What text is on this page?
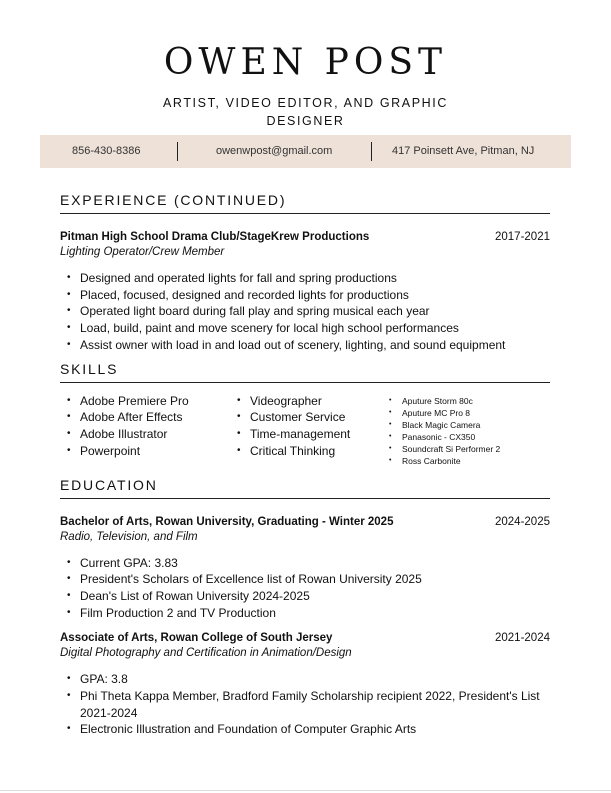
OWEN POST
ARTIST, VIDEO EDITOR, AND GRAPHIC DESIGNER
856-430-8386	owenwpost@gmail.com	417 Poinsett Ave, Pitman, NJ
EXPERIENCE (CONTINUED)
Pitman High School Drama Club/StageKrew Productions	2017-2021
Lighting Operator/Crew Member
• Designed and operated lights for fall and spring productions
• Placed, focused, designed and recorded lights for productions
• Operated light board during fall play and spring musical each year
• Load, build, paint and move scenery for local high school performances
• Assist owner with load in and load out of scenery, lighting, and sound equipment
SKILLS
• Adobe Premiere Pro
• Adobe After Effects
• Adobe Illustrator
• Powerpoint
• Videographer
• Customer Service
• Time-management
• Critical Thinking
• Aputure Storm 80c
• Aputure MC Pro 8
• Black Magic Camera
• Panasonic - CX350
• Soundcraft Si Performer 2
• Ross Carbonite
EDUCATION
Bachelor of Arts, Rowan University, Graduating - Winter 2025	2024-2025
Radio, Television, and Film
• Current GPA: 3.83
• President's Scholars of Excellence list of Rowan University 2025
• Dean's List of Rowan University 2024-2025
• Film Production 2 and TV Production
Associate of Arts, Rowan College of South Jersey	2021-2024
Digital Photography and Certification in Animation/Design
• GPA: 3.8
• Phi Theta Kappa Member, Bradford Family Scholarship recipient 2022, President's List 2021-2024
• Electronic Illustration and Foundation of Computer Graphic Arts
